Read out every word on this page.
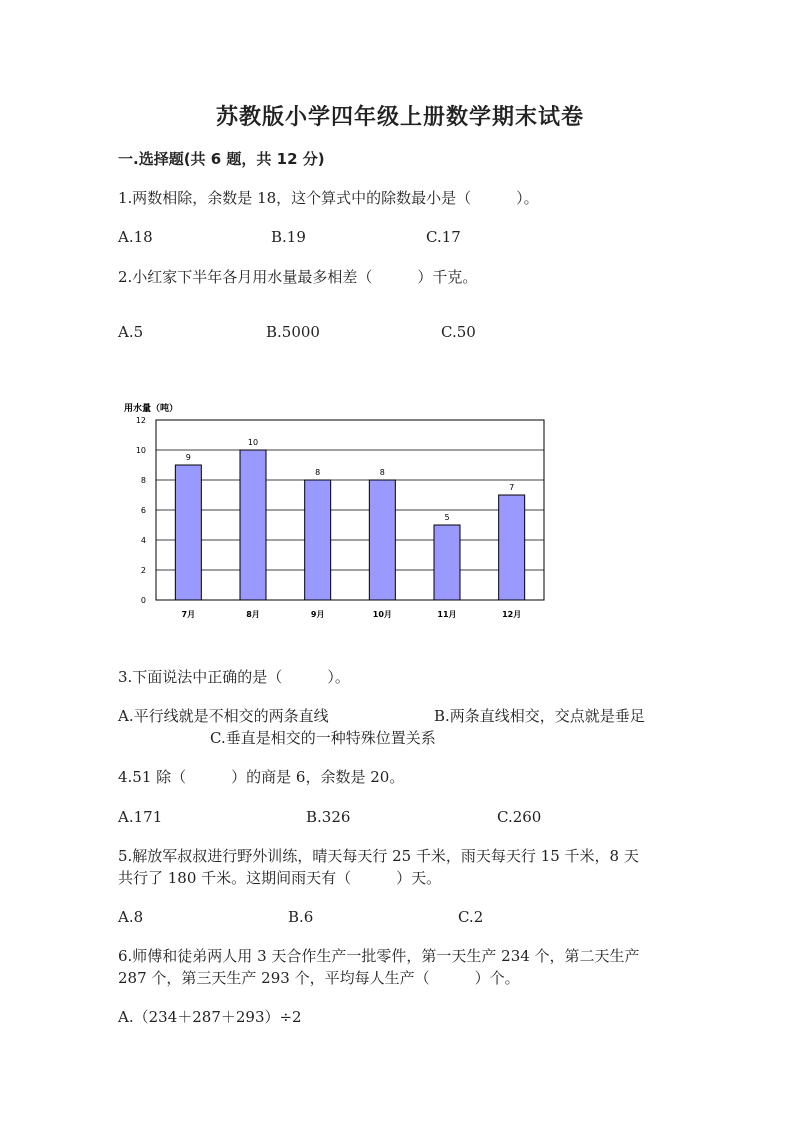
苏教版小学四年级上册数学期末试卷
一.选择题(共 6 题，共 12 分)
1.两数相除，余数是 18，这个算式中的除数最小是（　　　）。
A.18	B.19	C.17
2.小红家下半年各月用水量最多相差（　　　）千克。
A.5	B.5000	C.50
用水量（吨）
0
2
4
6
8
10
12
9
7月
10
8月
8
9月
8
10月
5
11月
7
12月
3.下面说法中正确的是（　　　）。
A.平行线就是不相交的两条直线	B.两条直线相交，交点就是垂足
C.垂直是相交的一种特殊位置关系
4.51 除（　　　）的商是 6，余数是 20。
A.171	B.326	C.260
5.解放军叔叔进行野外训练，晴天每天行 25 千米，雨天每天行 15 千米，8 天
共行了 180 千米。这期间雨天有（　　　）天。
A.8	B.6	C.2
6.师傅和徒弟两人用 3 天合作生产一批零件，第一天生产 234 个，第二天生产
287 个，第三天生产 293 个，平均每人生产（　　　）个。
A.（234＋287＋293）÷2
